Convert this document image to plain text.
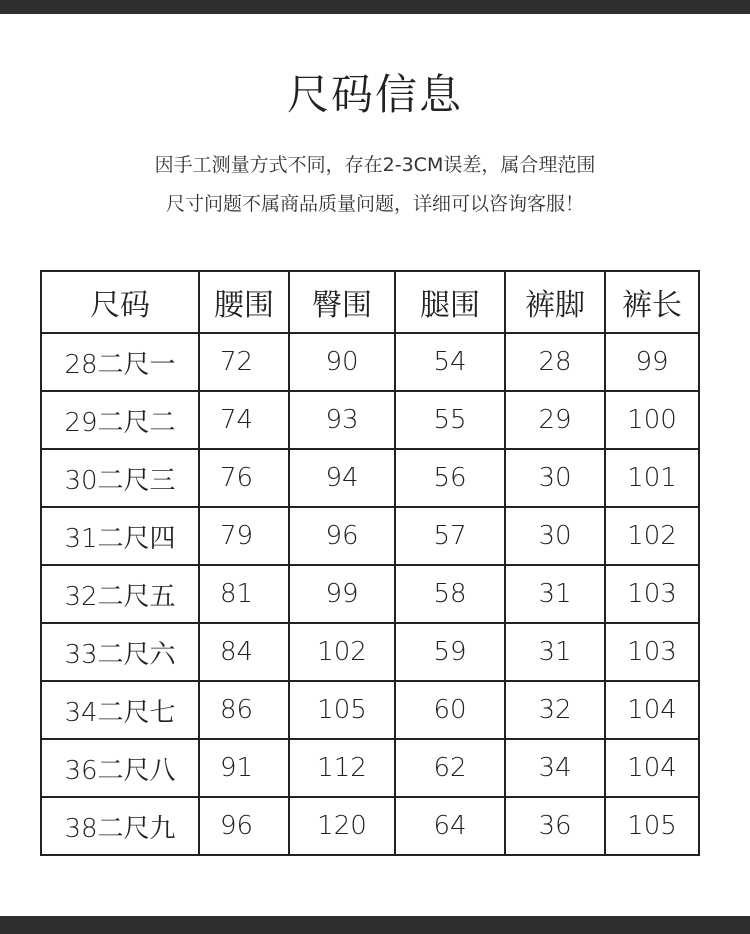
尺码信息
因手工测量方式不同，存在2-3CM误差，属合理范围
尺寸问题不属商品质量问题，详细可以咨询客服！
尺码	腰围	臀围	腿围	裤脚	裤长
28二尺一	72	90	54	28	99
29二尺二	74	93	55	29	100
30二尺三	76	94	56	30	101
31二尺四	79	96	57	30	102
32二尺五	81	99	58	31	103
33二尺六	84	102	59	31	103
34二尺七	86	105	60	32	104
36二尺八	91	112	62	34	104
38二尺九	96	120	64	36	105
